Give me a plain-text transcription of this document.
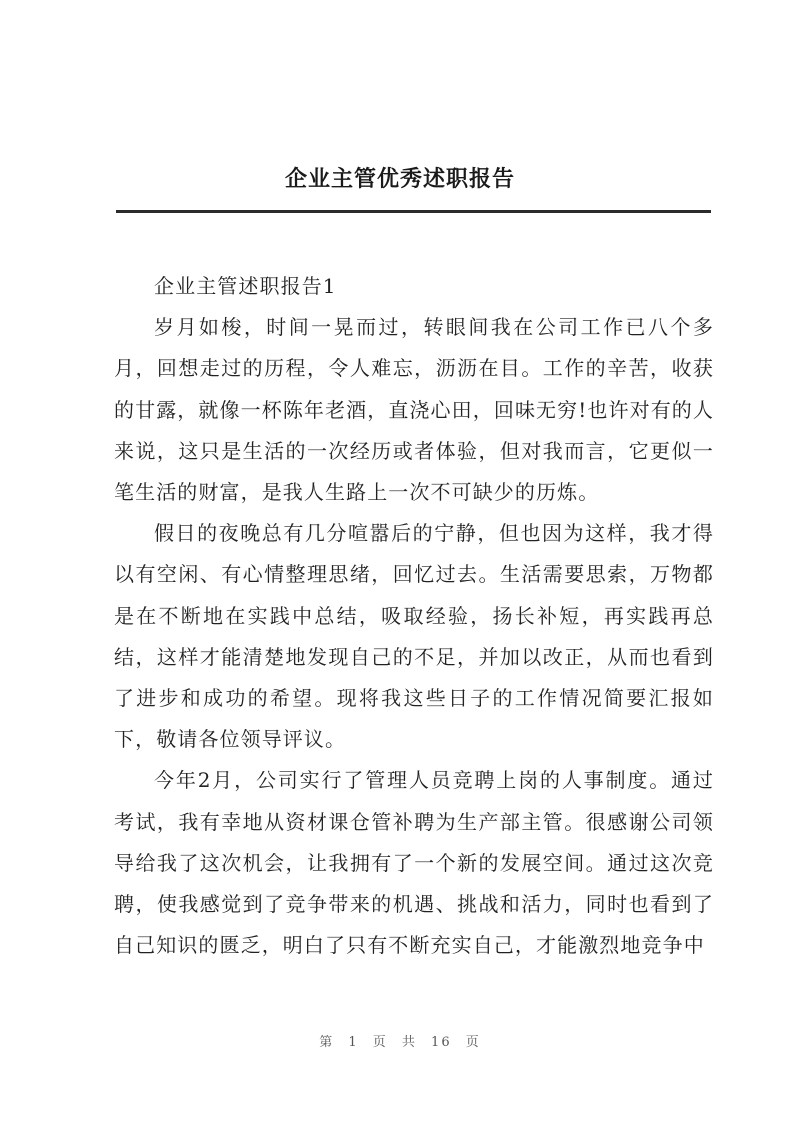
企业主管优秀述职报告

企业主管述职报告1

岁月如梭，时间一晃而过，转眼间我在公司工作已八个多月，回想走过的历程，令人难忘，沥沥在目。工作的辛苦，收获的甘露，就像一杯陈年老酒，直浇心田，回味无穷!也许对有的人来说，这只是生活的一次经历或者体验，但对我而言，它更似一笔生活的财富，是我人生路上一次不可缺少的历炼。

假日的夜晚总有几分喧嚣后的宁静，但也因为这样，我才得以有空闲、有心情整理思绪，回忆过去。生活需要思索，万物都是在不断地在实践中总结，吸取经验，扬长补短，再实践再总结，这样才能清楚地发现自己的不足，并加以改正，从而也看到了进步和成功的希望。现将我这些日子的工作情况简要汇报如下，敬请各位领导评议。

今年2月，公司实行了管理人员竞聘上岗的人事制度。通过考试，我有幸地从资材课仓管补聘为生产部主管。很感谢公司领导给我了这次机会，让我拥有了一个新的发展空间。通过这次竞聘，使我感觉到了竞争带来的机遇、挑战和活力，同时也看到了自己知识的匮乏，明白了只有不断充实自己，才能激烈地竞争中

第 1 页 共 16 页
